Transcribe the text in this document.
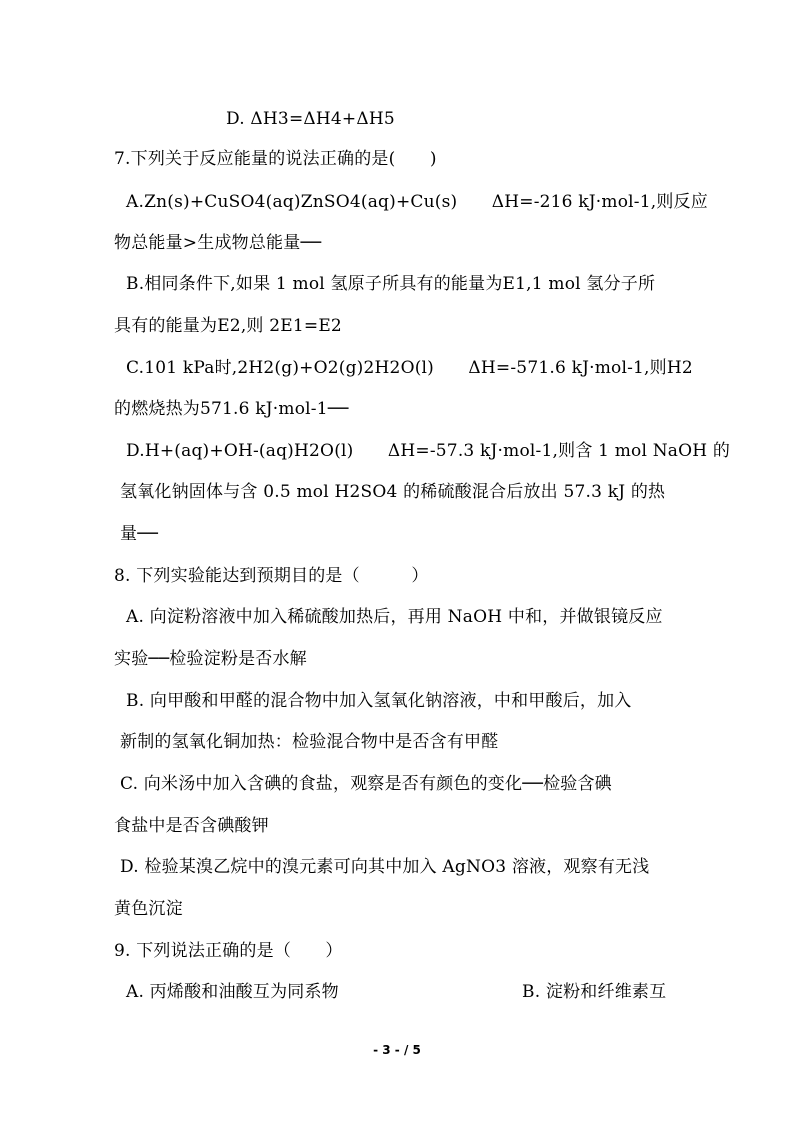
D. ΔH3=ΔH4+ΔH5
7.下列关于反应能量的说法正确的是(　　)
A.Zn(s)+CuSO4(aq)ZnSO4(aq)+Cu(s)　　ΔH=-216 kJ·mol-1,则反应
物总能量>生成物总能量──
B.相同条件下,如果 1 mol 氢原子所具有的能量为E1,1 mol 氢分子所
具有的能量为E2,则 2E1=E2
C.101 kPa时,2H2(g)+O2(g)2H2O(l)　　ΔH=-571.6 kJ·mol-1,则H2
的燃烧热为571.6 kJ·mol-1──
D.H+(aq)+OH-(aq)H2O(l)　　ΔH=-57.3 kJ·mol-1,则含 1 mol NaOH 的
氢氧化钠固体与含 0.5 mol H2SO4 的稀硫酸混合后放出 57.3 kJ 的热
量──
8. 下列实验能达到预期目的是（　　　）
A. 向淀粉溶液中加入稀硫酸加热后，再用 NaOH 中和，并做银镜反应
实验──检验淀粉是否水解
B. 向甲酸和甲醛的混合物中加入氢氧化钠溶液，中和甲酸后，加入
新制的氢氧化铜加热：检验混合物中是否含有甲醛
C. 向米汤中加入含碘的食盐，观察是否有颜色的变化──检验含碘
食盐中是否含碘酸钾
D. 检验某溴乙烷中的溴元素可向其中加入 AgNO3 溶液，观察有无浅
黄色沉淀
9. 下列说法正确的是（　　）
A. 丙烯酸和油酸互为同系物	B. 淀粉和纤维素互
- 3 - / 5
